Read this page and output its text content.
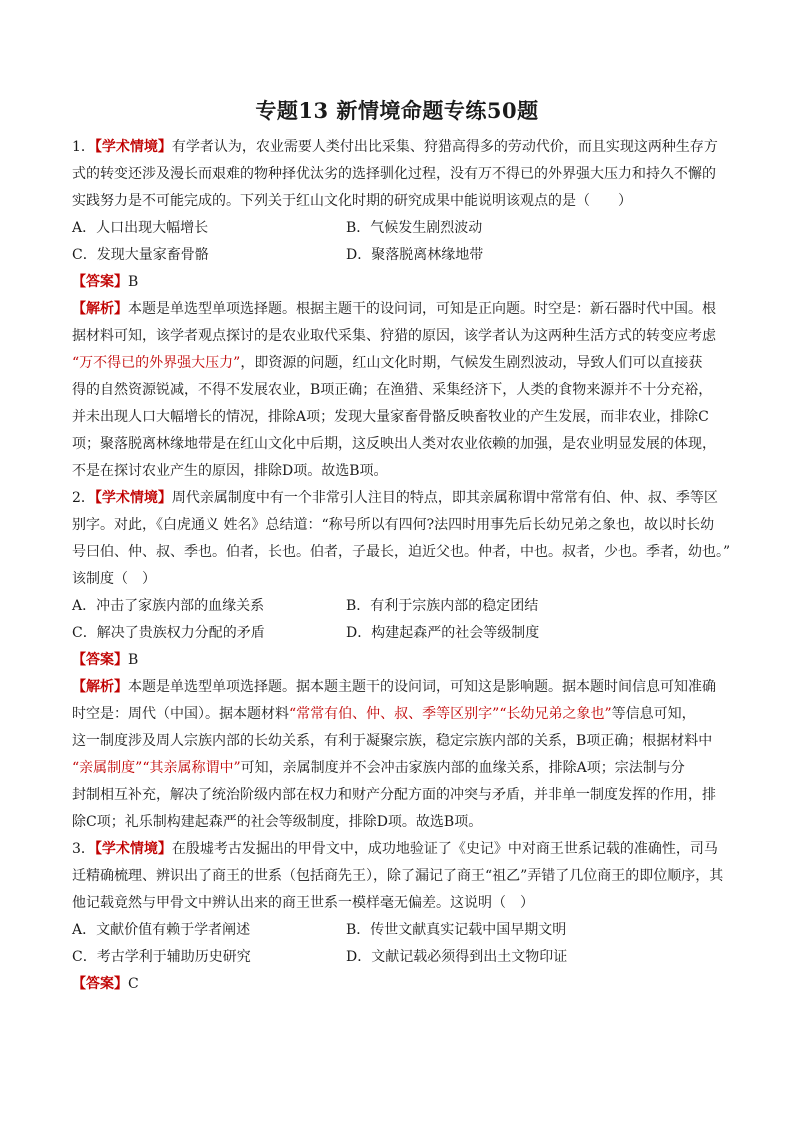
专题13 新情境命题专练50题
1．【学术情境】有学者认为，农业需要人类付出比采集、狩猎高得多的劳动代价，而且实现这两种生存方
式的转变还涉及漫长而艰难的物种择优汰劣的选择驯化过程，没有万不得已的外界强大压力和持久不懈的
实践努力是不可能完成的。下列关于红山文化时期的研究成果中能说明该观点的是（　　）
A．人口出现大幅增长	B．气候发生剧烈波动
C．发现大量家畜骨骼	D．聚落脱离林缘地带
【答案】B
【解析】本题是单选型单项选择题。根据主题干的设问词，可知是正向题。时空是：新石器时代中国。根
据材料可知，该学者观点探讨的是农业取代采集、狩猎的原因，该学者认为这两种生活方式的转变应考虑
“万不得已的外界强大压力”，即资源的问题，红山文化时期，气候发生剧烈波动，导致人们可以直接获
得的自然资源锐减，不得不发展农业，B项正确；在渔猎、采集经济下，人类的食物来源并不十分充裕，
并未出现人口大幅增长的情况，排除A项；发现大量家畜骨骼反映畜牧业的产生发展，而非农业，排除C
项；聚落脱离林缘地带是在红山文化中后期，这反映出人类对农业依赖的加强，是农业明显发展的体现，
不是在探讨农业产生的原因，排除D项。故选B项。
2．【学术情境】周代亲属制度中有一个非常引人注目的特点，即其亲属称谓中常常有伯、仲、叔、季等区
别字。对此，《白虎通义 姓名》总结道：“称号所以有四何?法四时用事先后长幼兄弟之象也，故以时长幼
号曰伯、仲、叔、季也。伯者，长也。伯者，子最长，迫近父也。仲者，中也。叔者，少也。季者，幼也。”
该制度（　）
A．冲击了家族内部的血缘关系	B．有利于宗族内部的稳定团结
C．解决了贵族权力分配的矛盾	D．构建起森严的社会等级制度
【答案】B
【解析】本题是单选型单项选择题。据本题主题干的设问词，可知这是影响题。据本题时间信息可知准确
时空是：周代（中国）。据本题材料“常常有伯、仲、叔、季等区别字”“长幼兄弟之象也”等信息可知，
这一制度涉及周人宗族内部的长幼关系，有利于凝聚宗族，稳定宗族内部的关系，B项正确；根据材料中
“亲属制度”“其亲属称谓中”可知，亲属制度并不会冲击家族内部的血缘关系，排除A项；宗法制与分
封制相互补充，解决了统治阶级内部在权力和财产分配方面的冲突与矛盾，并非单一制度发挥的作用，排
除C项；礼乐制构建起森严的社会等级制度，排除D项。故选B项。
3．【学术情境】在殷墟考古发掘出的甲骨文中，成功地验证了《史记》中对商王世系记载的准确性，司马
迁精确梳理、辨识出了商王的世系（包括商先王），除了漏记了商王“祖乙”弄错了几位商王的即位顺序，其
他记载竟然与甲骨文中辨认出来的商王世系一模样毫无偏差。这说明（　）
A．文献价值有赖于学者阐述	B．传世文献真实记载中国早期文明
C．考古学利于辅助历史研究	D．文献记载必须得到出土文物印证
【答案】C
